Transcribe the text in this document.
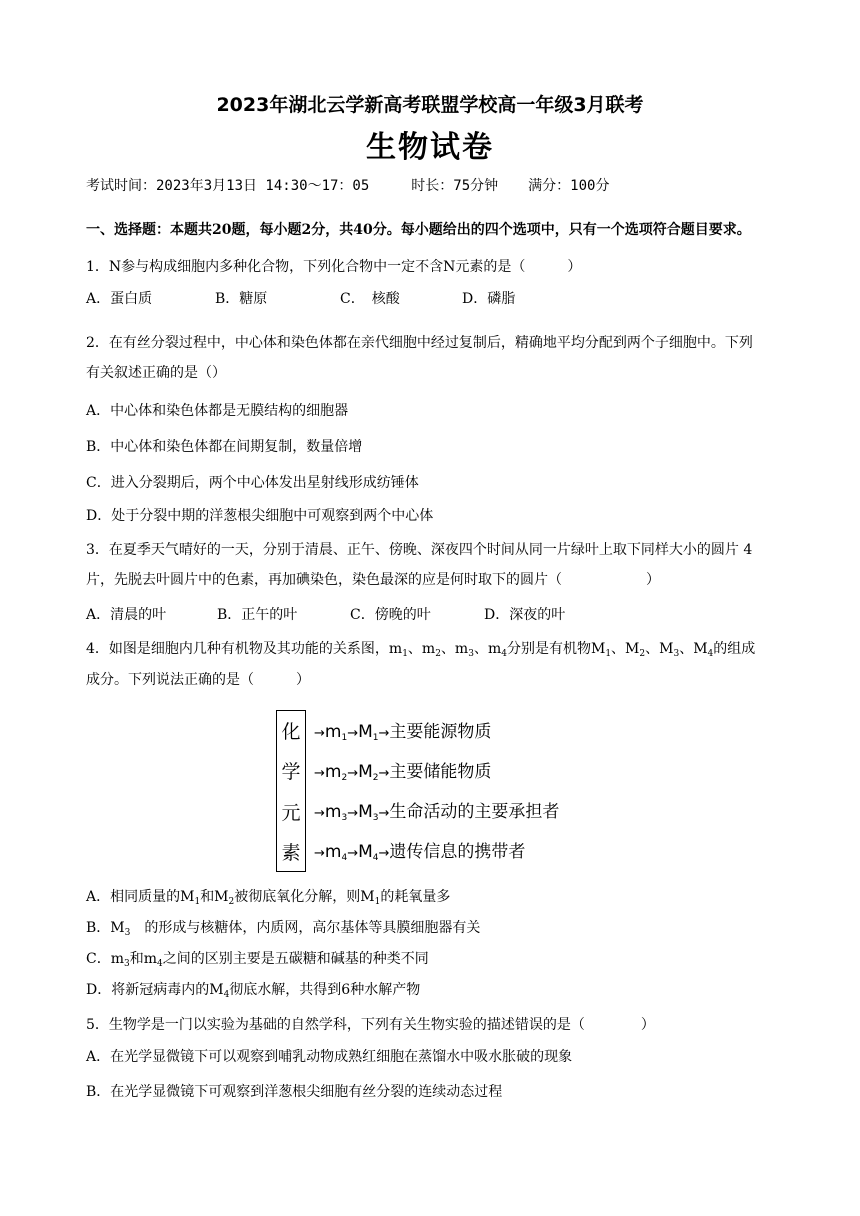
2023年湖北云学新高考联盟学校高一年级3月联考
生物试卷
考试时间：2023年3月13日 14:30～17：05	时长：75分钟 满分：100分
一、选择题：本题共20题，每小题2分，共40分。每小题给出的四个选项中，只有一个选项符合题目要求。
1．N参与构成细胞内多种化合物，下列化合物中一定不含N元素的是（　　　）
A．蛋白质	B．糖原	C．　核酸	D．磷脂
2．在有丝分裂过程中，中心体和染色体都在亲代细胞中经过复制后，精确地平均分配到两个子细胞中。下列
有关叙述正确的是（）
A．中心体和染色体都是无膜结构的细胞器
B．中心体和染色体都在间期复制，数量倍增
C．进入分裂期后，两个中心体发出星射线形成纺锤体
D．处于分裂中期的洋葱根尖细胞中可观察到两个中心体
3．在夏季天气晴好的一天，分别于清晨、正午、傍晚、深夜四个时间从同一片绿叶上取下同样大小的圆片 4
片，先脱去叶圆片中的色素，再加碘染色，染色最深的应是何时取下的圆片（　　　　　　）
A．清晨的叶	B．正午的叶	C．傍晚的叶	D．深夜的叶
4．如图是细胞内几种有机物及其功能的关系图，$m_1$、$m_2$、$m_3$、$m_4$分别是有机物$M_1$、$M_2$、$M_3$、$M_4$的组成
成分。下列说法正确的是（　　　）
化
学
元
素
$\to m_1\to M_1\to$主要能源物质
$\to m_2\to M_2\to$主要储能物质
$\to m_3\to M_3\to$生命活动的主要承担者
$\to m_4\to M_4\to$遗传信息的携带者
A．相同质量的$M_1$和$M_2$被彻底氧化分解，则$M_1$的耗氧量多
B．$M_3$　的形成与核糖体，内质网，高尔基体等具膜细胞器有关
C．$m_3$和$m_4$之间的区别主要是五碳糖和碱基的种类不同
D．将新冠病毒内的$M_4$彻底水解，共得到6种水解产物
5．生物学是一门以实验为基础的自然学科，下列有关生物实验的描述错误的是（　　　　）
A．在光学显微镜下可以观察到哺乳动物成熟红细胞在蒸馏水中吸水胀破的现象
B．在光学显微镜下可观察到洋葱根尖细胞有丝分裂的连续动态过程
